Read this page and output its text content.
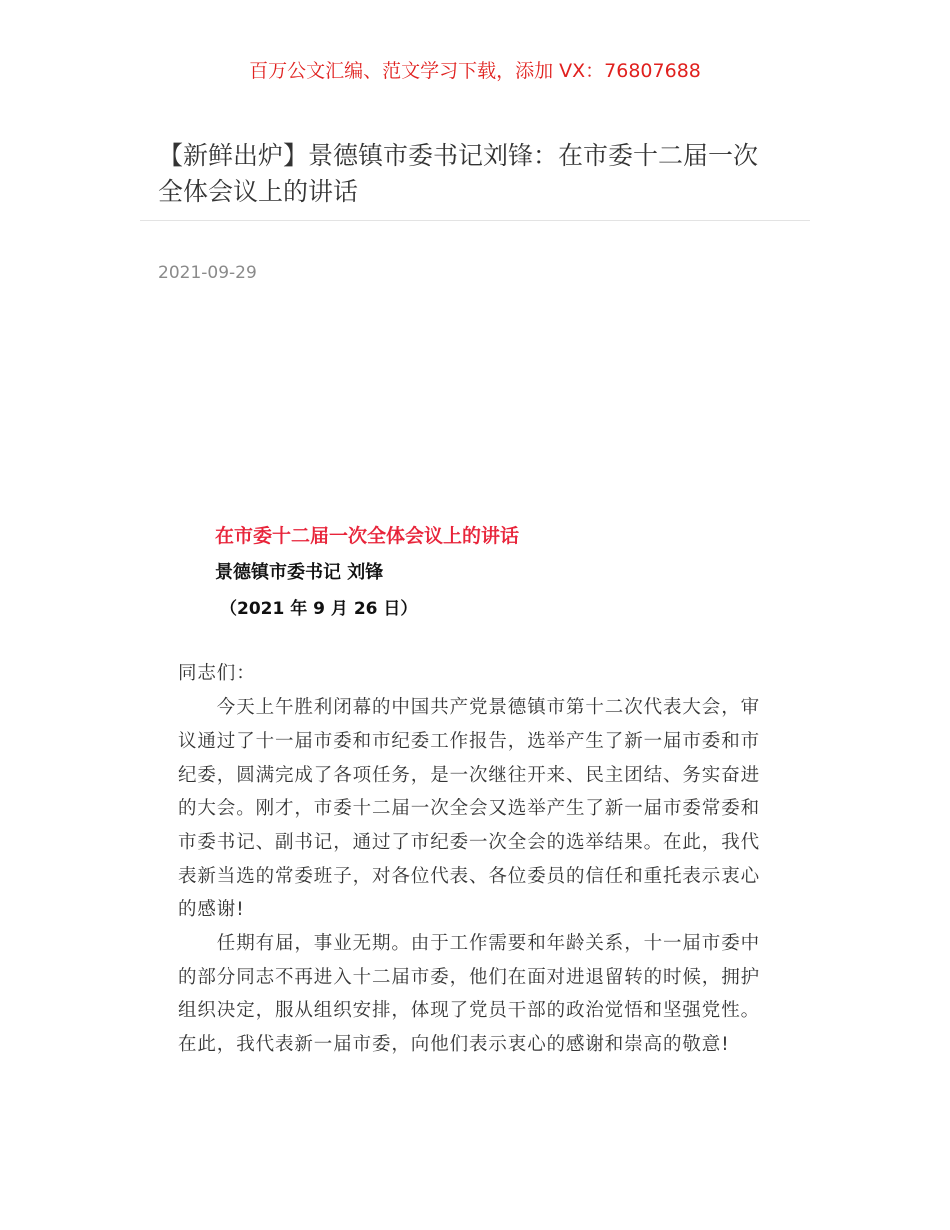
百万公文汇编、范文学习下载，添加 VX：76807688
【新鲜出炉】景德镇市委书记刘锋：在市委十二届一次
全体会议上的讲话
2021-09-29
在市委十二届一次全体会议上的讲话
景德镇市委书记 刘锋
（2021 年 9 月 26 日）
同志们：
　　今天上午胜利闭幕的中国共产党景德镇市第十二次代表大会，审
议通过了十一届市委和市纪委工作报告，选举产生了新一届市委和市
纪委，圆满完成了各项任务，是一次继往开来、民主团结、务实奋进
的大会。刚才，市委十二届一次全会又选举产生了新一届市委常委和
市委书记、副书记，通过了市纪委一次全会的选举结果。在此，我代
表新当选的常委班子，对各位代表、各位委员的信任和重托表示衷心
的感谢!
　　任期有届，事业无期。由于工作需要和年龄关系，十一届市委中
的部分同志不再进入十二届市委，他们在面对进退留转的时候，拥护
组织决定，服从组织安排，体现了党员干部的政治觉悟和坚强党性。
在此，我代表新一届市委，向他们表示衷心的感谢和崇高的敬意!
